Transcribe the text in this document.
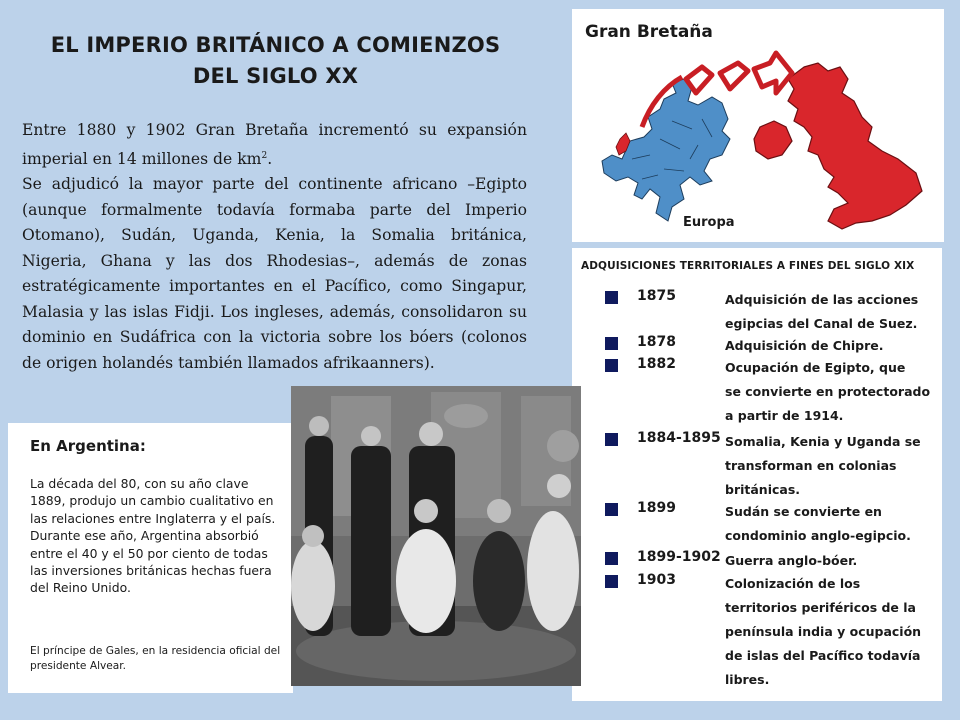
EL IMPERIO BRITÁNICO A COMIENZOS
DEL SIGLO XX

Entre 1880 y 1902 Gran Bretaña incrementó su expansión imperial en 14 millones de $km^2$.

Se adjudicó la mayor parte del continente africano –Egipto (aunque formalmente todavía formaba parte del Imperio Otomano), Sudán, Uganda, Kenia, la Somalia británica, Nigeria, Ghana y las dos Rhodesias–, además de zonas estratégicamente importantes en el Pacífico, como Singapur, Malasia y las islas Fidji. Los ingleses, además, consolidaron su dominio en Sudáfrica con la victoria sobre los bóers (colonos de origen holandés también llamados afrikaanners).

Gran Bretaña
Europa
ADQUISICIONES TERRITORIALES A FINES DEL SIGLO XIX
1875	Adquisición de las acciones
egipcias del Canal de Suez.
1878	Adquisición de Chipre.
1882	Ocupación de Egipto, que
se convierte en protectorado
a partir de 1914.
1884-1895 Somalia, Kenia y Uganda se
transforman en colonias
británicas.
1899	Sudán se convierte en
condominio anglo-egipcio.
1899-1902 Guerra anglo-bóer.
1903	Colonización de los
territorios periféricos de la
península india y ocupación
de islas del Pacífico todavía
libres.
En Argentina:

La década del 80, con su año clave 1889, produjo un cambio cualitativo en las relaciones entre Inglaterra y el país.

Durante ese año, Argentina absorbió entre el 40 y el 50 por ciento de todas las inversiones británicas hechas fuera del Reino Unido.

El príncipe de Gales, en la residencia oficial del presidente Alvear.
